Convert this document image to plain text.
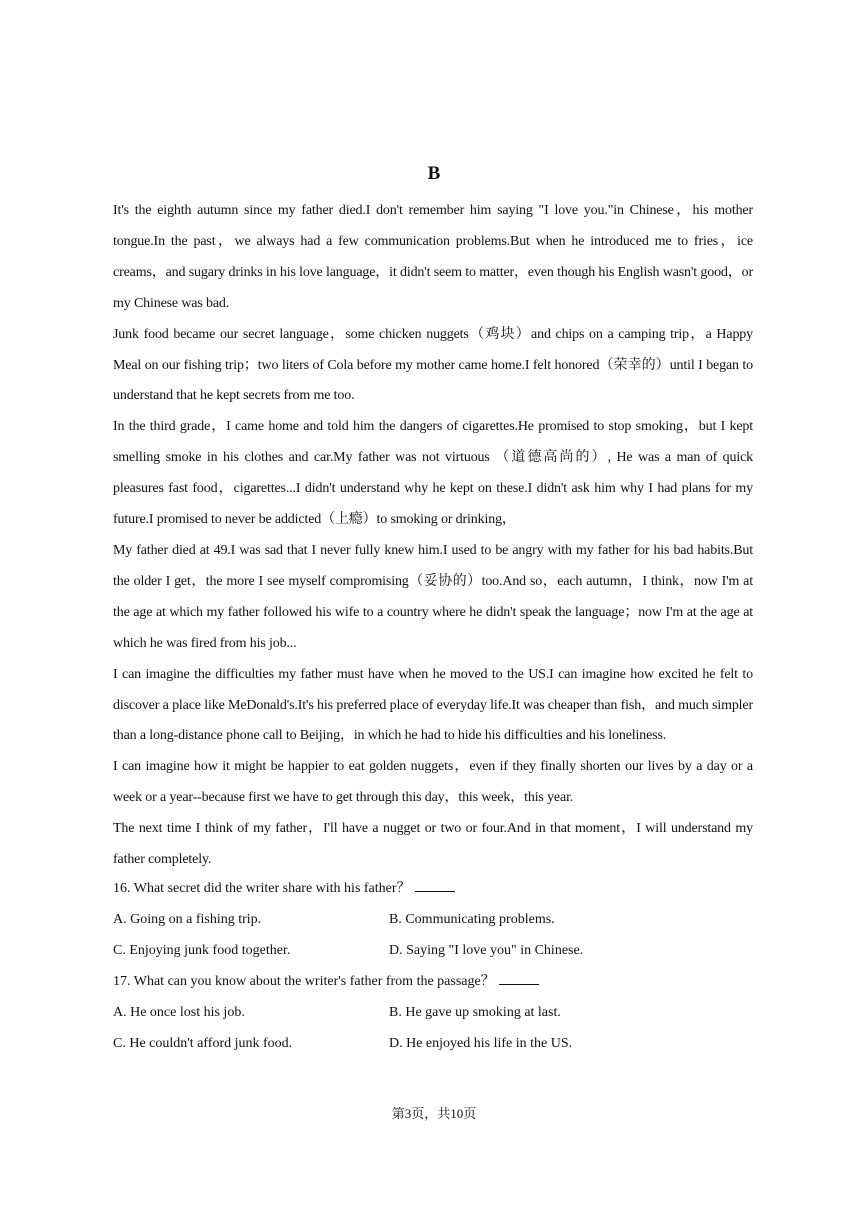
B

It's the eighth autumn since my father died.I don't remember him saying "I love you."in Chinese，his mother tongue.In the past，we always had a few communication problems.But when he introduced me to fries，ice creams，and sugary drinks in his love language，it didn't seem to matter，even though his English wasn't good，or my Chinese was bad.

Junk food became our secret language，some chicken nuggets（鸡块）and chips on a camping trip，a Happy Meal on our fishing trip；two liters of Cola before my mother came home.I felt honored（荣幸的）until I began to understand that he kept secrets from me too.

In the third grade，I came home and told him the dangers of cigarettes.He promised to stop smoking，but I kept smelling smoke in his clothes and car.My father was not virtuous （道德高尚的）, He was a man of quick pleasures fast food，cigarettes...I didn't understand why he kept on these.I didn't ask him why I had plans for my future.I promised to never be addicted（上瘾）to smoking or drinking，

My father died at 49.I was sad that I never fully knew him.I used to be angry with my father for his bad habits.But the older I get，the more I see myself compromising（妥协的）too.And so，each autumn，I think，now I'm at the age at which my father followed his wife to a country where he didn't speak the language；now I'm at the age at which he was fired from his job...

I can imagine the difficulties my father must have when he moved to the US.I can imagine how excited he felt to discover a place like MeDonald's.It's his preferred place of everyday life.It was cheaper than fish，and much simpler than a long-distance phone call to Beijing，in which he had to hide his difficulties and his loneliness.

I can imagine how it might be happier to eat golden nuggets，even if they finally shorten our lives by a day or a week or a year--because first we have to get through this day，this week，this year.

The next time I think of my father，I'll have a nugget or two or four.And in that moment，I will understand my father completely.

16. What secret did the writer share with his father？

A. Going on a fishing trip.	B. Communicating problems.
C. Enjoying junk food together.	D. Saying "I love you" in Chinese.

17. What can you know about the writer's father from the passage？

A. He once lost his job.	B. He gave up smoking at last.
C. He couldn't afford junk food.	D. He enjoyed his life in the US.
第3页，共10页
